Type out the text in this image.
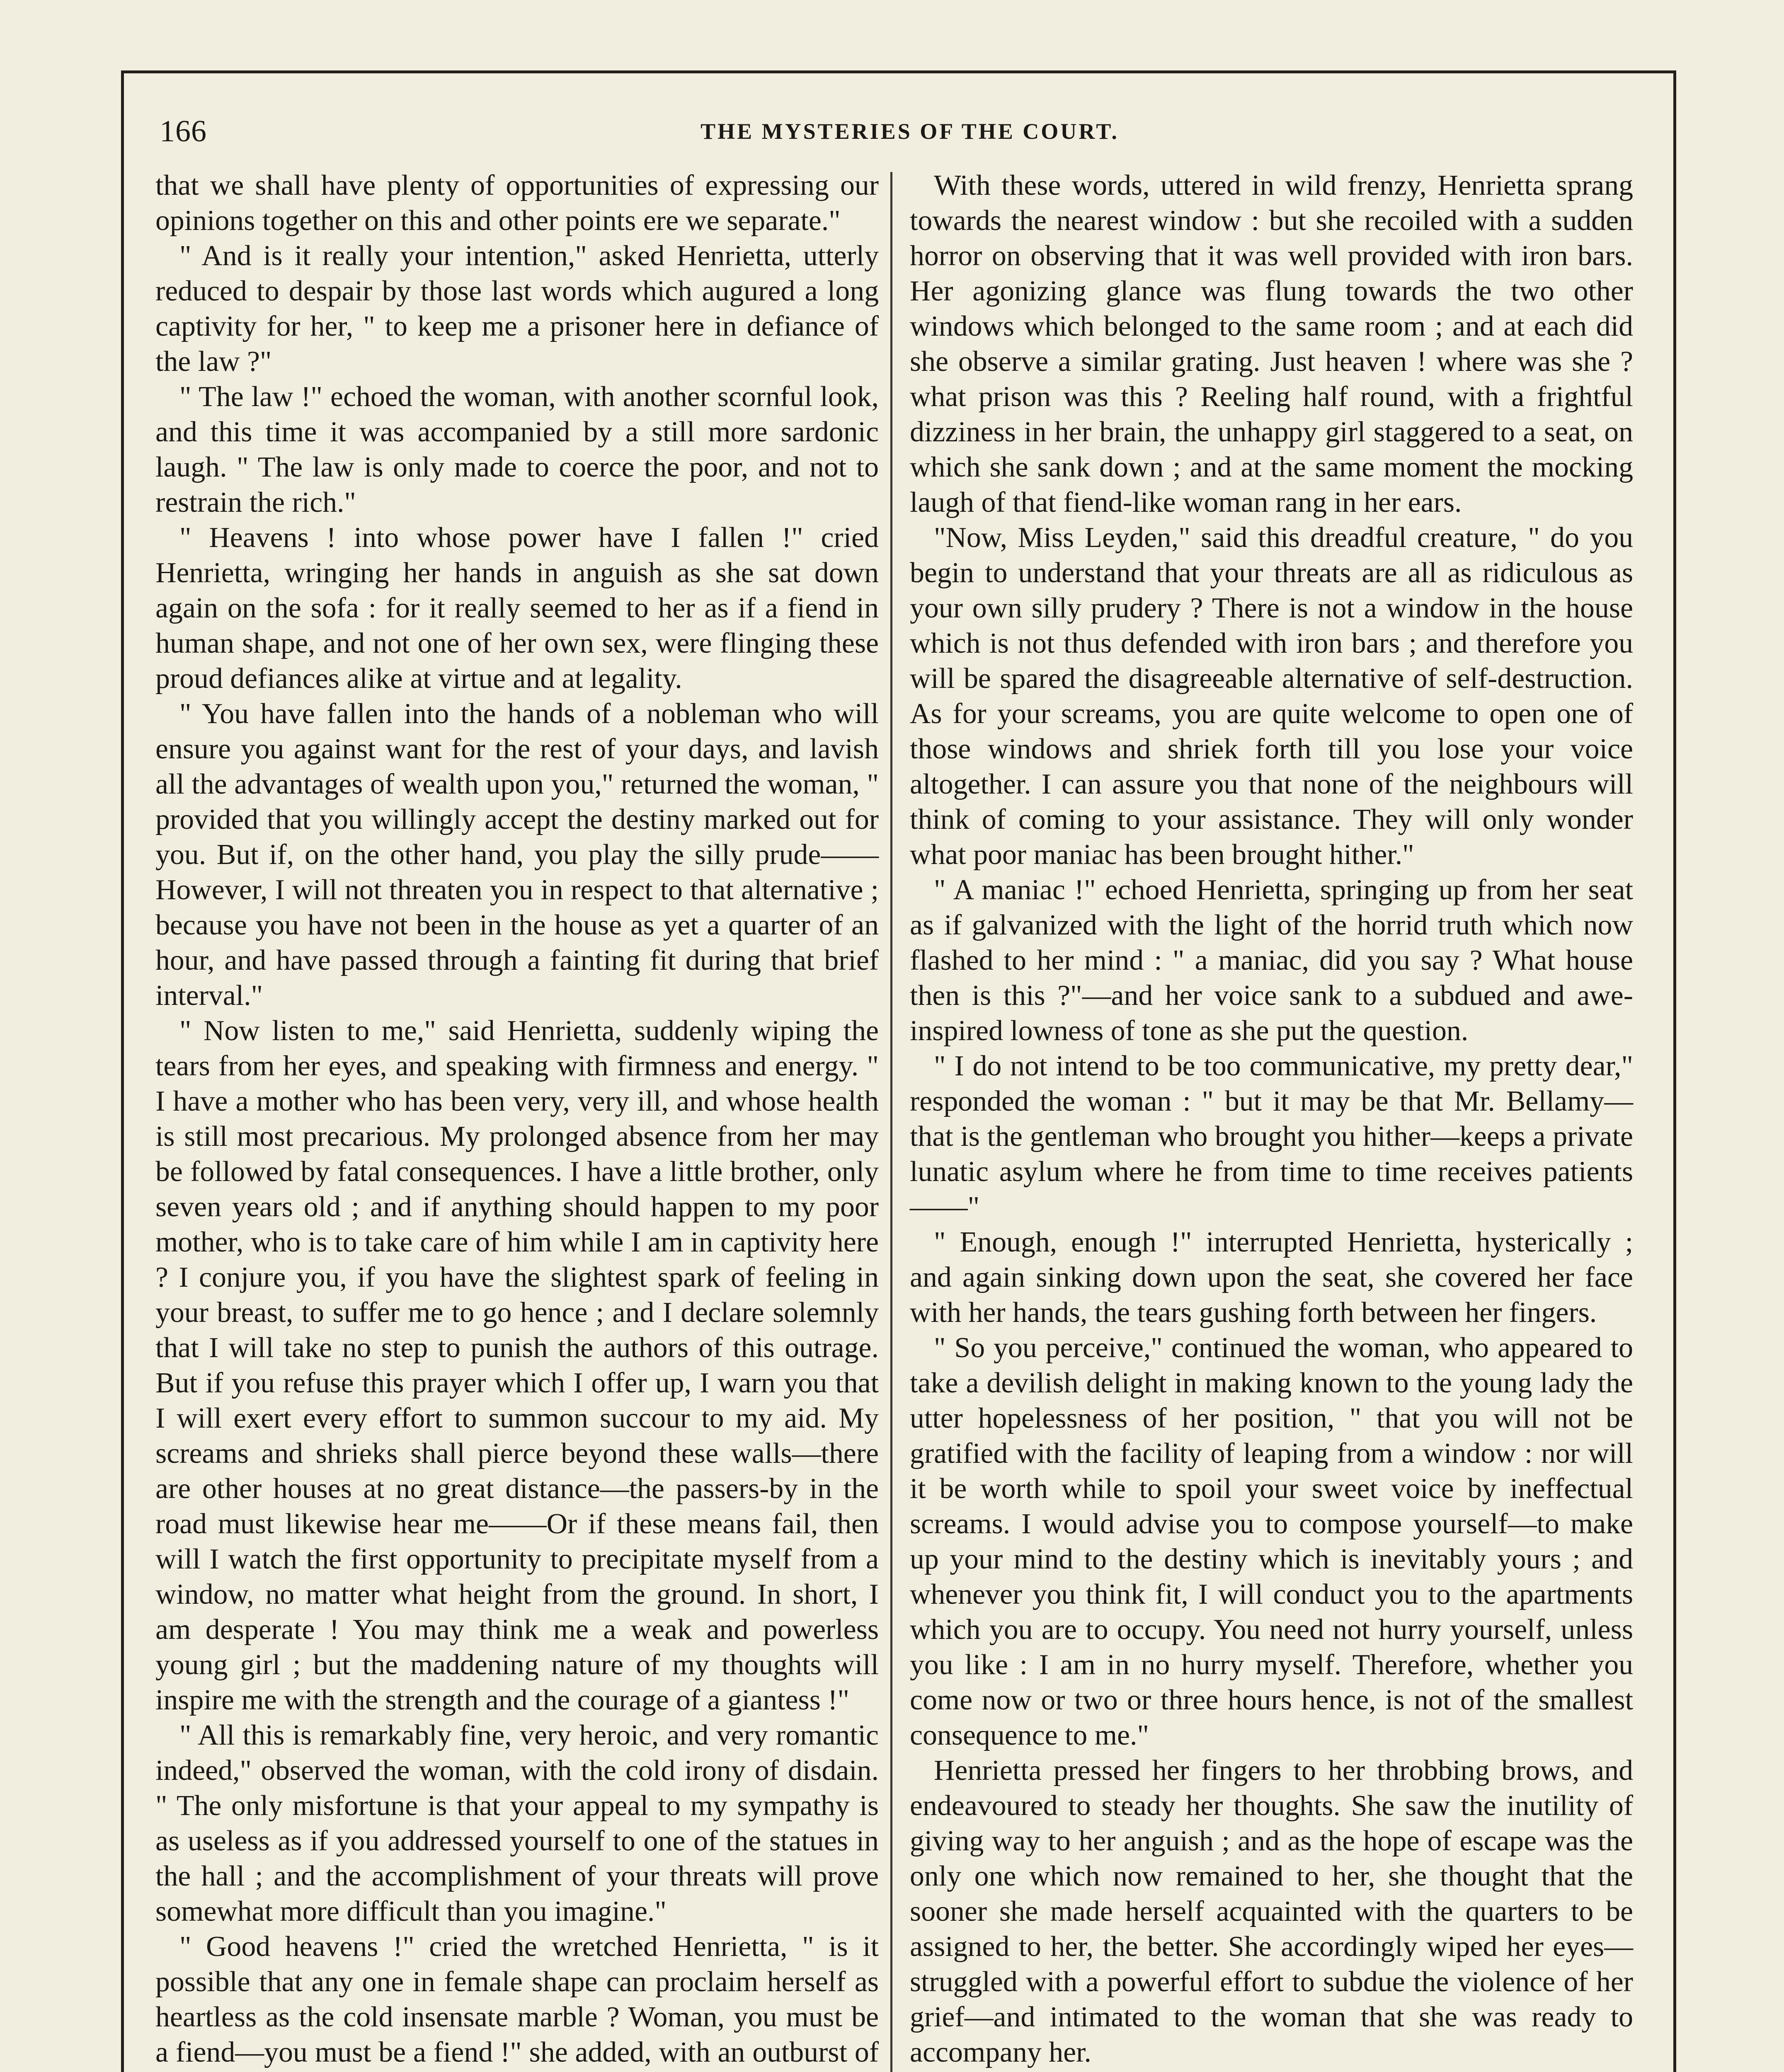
166	THE MYSTERIES OF THE COURT.

that we shall have plenty of opportunities of expressing our opinions together on this and other points ere we separate."

" And is it really your intention," asked Henrietta, utterly reduced to despair by those last words which augured a long captivity for her, " to keep me a prisoner here in defiance of the law ?"

" The law !" echoed the woman, with another scornful look, and this time it was accompanied by a still more sardonic laugh. " The law is only made to coerce the poor, and not to restrain the rich."

" Heavens ! into whose power have I fallen !" cried Henrietta, wringing her hands in anguish as she sat down again on the sofa : for it really seemed to her as if a fiend in human shape, and not one of her own sex, were flinging these proud defiances alike at virtue and at legality.

" You have fallen into the hands of a nobleman who will ensure you against want for the rest of your days, and lavish all the advantages of wealth upon you," returned the woman, " provided that you willingly accept the destiny marked out for you. But if, on the other hand, you play the silly prude——However, I will not threaten you in respect to that alternative ; because you have not been in the house as yet a quarter of an hour, and have passed through a fainting fit during that brief interval."

" Now listen to me," said Henrietta, suddenly wiping the tears from her eyes, and speaking with firmness and energy. " I have a mother who has been very, very ill, and whose health is still most precarious. My prolonged absence from her may be followed by fatal consequences. I have a little brother, only seven years old ; and if anything should happen to my poor mother, who is to take care of him while I am in captivity here ? I conjure you, if you have the slightest spark of feeling in your breast, to suffer me to go hence ; and I declare solemnly that I will take no step to punish the authors of this outrage. But if you refuse this prayer which I offer up, I warn you that I will exert every effort to summon succour to my aid. My screams and shrieks shall pierce beyond these walls—there are other houses at no great distance—the passers-by in the road must likewise hear me——Or if these means fail, then will I watch the first opportunity to precipitate myself from a window, no matter what height from the ground. In short, I am desperate ! You may think me a weak and powerless young girl ; but the maddening nature of my thoughts will inspire me with the strength and the courage of a giantess !"

" All this is remarkably fine, very heroic, and very romantic indeed," observed the woman, with the cold irony of disdain. " The only misfortune is that your appeal to my sympathy is as useless as if you addressed yourself to one of the statues in the hall ; and the accomplishment of your threats will prove somewhat more difficult than you imagine."

" Good heavens !" cried the wretched Henrietta, " is it possible that any one in female shape can proclaim herself as heartless as the cold insensate marble ? Woman, you must be a fiend—you must be a fiend !" she added, with an outburst of

With these words, uttered in wild frenzy, Henrietta sprang towards the nearest window : but she recoiled with a sudden horror on observing that it was well provided with iron bars. Her agonizing glance was flung towards the two other windows which belonged to the same room ; and at each did she observe a similar grating. Just heaven ! where was she ? what prison was this ? Reeling half round, with a frightful dizziness in her brain, the unhappy girl staggered to a seat, on which she sank down ; and at the same moment the mocking laugh of that fiend-like woman rang in her ears.

"Now, Miss Leyden," said this dreadful creature, " do you begin to understand that your threats are all as ridiculous as your own silly prudery ? There is not a window in the house which is not thus defended with iron bars ; and therefore you will be spared the disagreeable alternative of self-destruction. As for your screams, you are quite welcome to open one of those windows and shriek forth till you lose your voice altogether. I can assure you that none of the neighbours will think of coming to your assistance. They will only wonder what poor maniac has been brought hither."

" A maniac !" echoed Henrietta, springing up from her seat as if galvanized with the light of the horrid truth which now flashed to her mind : " a maniac, did you say ? What house then is this ?"—and her voice sank to a subdued and awe-inspired lowness of tone as she put the question.

" I do not intend to be too communicative, my pretty dear," responded the woman : " but it may be that Mr. Bellamy—that is the gentleman who brought you hither—keeps a private lunatic asylum where he from time to time receives patients——"

" Enough, enough !" interrupted Henrietta, hysterically ; and again sinking down upon the seat, she covered her face with her hands, the tears gushing forth between her fingers.

" So you perceive," continued the woman, who appeared to take a devilish delight in making known to the young lady the utter hopelessness of her position, " that you will not be gratified with the facility of leaping from a window : nor will it be worth while to spoil your sweet voice by ineffectual screams. I would advise you to compose yourself—to make up your mind to the destiny which is inevitably yours ; and whenever you think fit, I will conduct you to the apartments which you are to occupy. You need not hurry yourself, unless you like : I am in no hurry myself. Therefore, whether you come now or two or three hours hence, is not of the smallest consequence to me."

Henrietta pressed her fingers to her throbbing brows, and endeavoured to steady her thoughts. She saw the inutility of giving way to her anguish ; and as the hope of escape was the only one which now remained to her, she thought that the sooner she made herself acquainted with the quarters to be assigned to her, the better. She accordingly wiped her eyes—struggled with a powerful effort to subdue the violence of her grief—and intimated to the woman that she was ready to accompany her.
